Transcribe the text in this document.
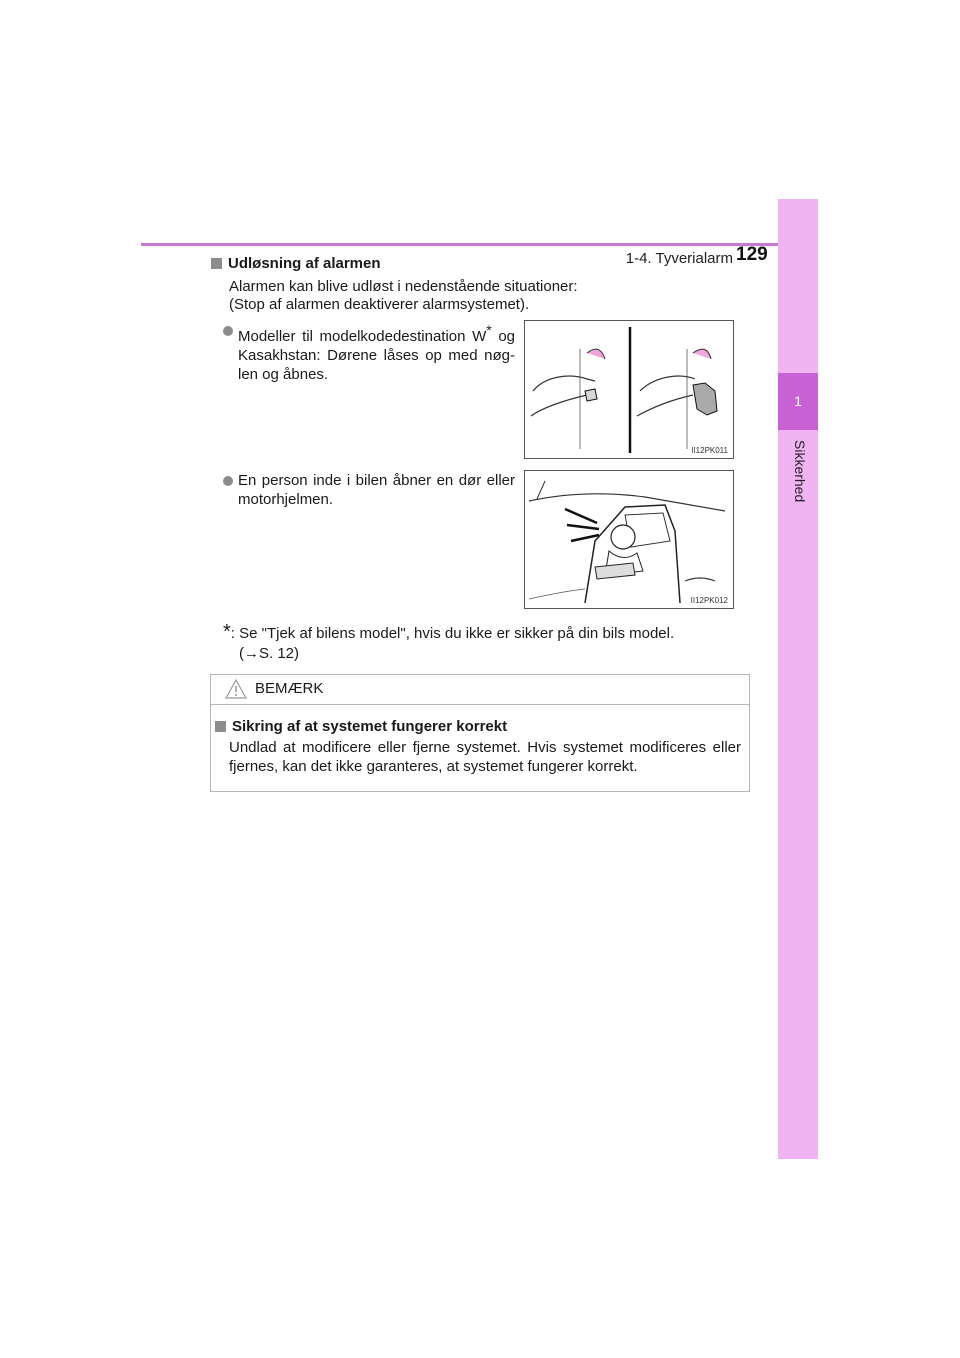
1-4. Tyverialarm 129
1
Sikkerhed
Udløsning af alarmen
Alarmen kan blive udløst i nedenstående situationer:
(Stop af alarmen deaktiverer alarmsystemet).
Modeller til modelkodedestination W* og Kasakhstan: Dørene låses op med nøg-len og åbnes.
II12PK011
En person inde i bilen åbner en dør eller motorhjelmen.
II12PK012
*: Se "Tjek af bilens model", hvis du ikke er sikker på din bils model.
(→S. 12)
BEMÆRK
Sikring af at systemet fungerer korrekt
Undlad at modificere eller fjerne systemet. Hvis systemet modificeres eller fjernes, kan det ikke garanteres, at systemet fungerer korrekt.
